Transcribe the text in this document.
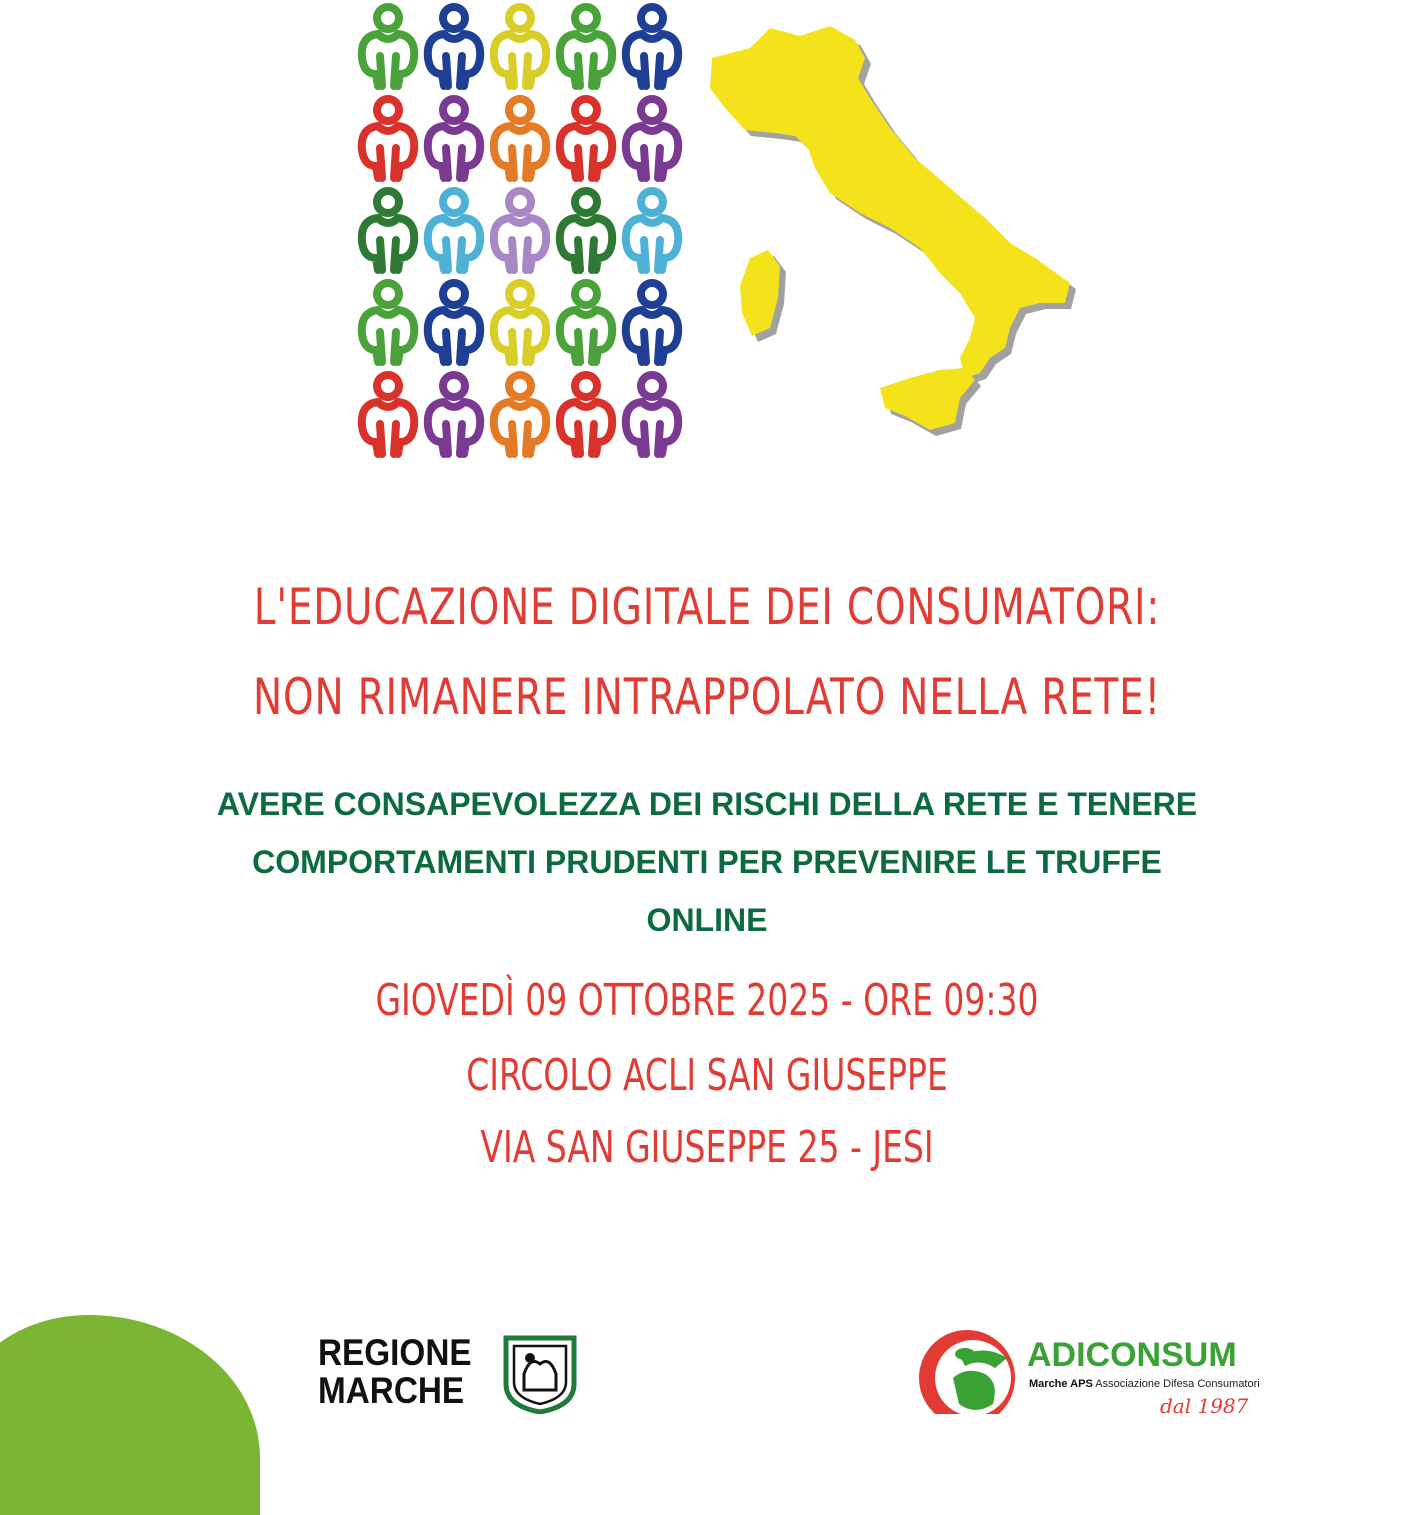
L'EDUCAZIONE DIGITALE DEI CONSUMATORI:
NON RIMANERE INTRAPPOLATO NELLA RETE!
AVERE CONSAPEVOLEZZA DEI RISCHI DELLA RETE E TENERE
COMPORTAMENTI PRUDENTI PER PREVENIRE LE TRUFFE
ONLINE
GIOVEDÌ 09 OTTOBRE 2025 - ORE 09:30
CIRCOLO ACLI SAN GIUSEPPE
VIA SAN GIUSEPPE 25 - JESI
REGIONE
MARCHE
ADICONSUM
Marche APS Associazione Difesa Consumatori
dal 1987
